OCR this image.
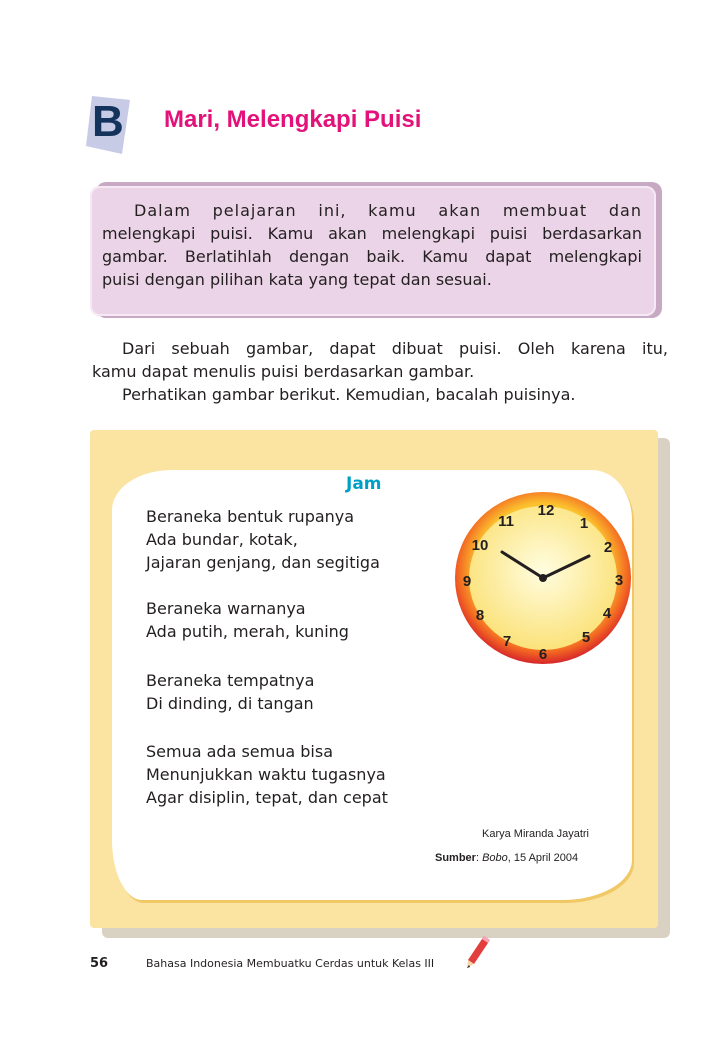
B Mari, Melengkapi Puisi
Dalam pelajaran ini, kamu akan membuat dan
melengkapi puisi. Kamu akan melengkapi puisi berdasarkan
gambar. Berlatihlah dengan baik. Kamu dapat melengkapi
puisi dengan pilihan kata yang tepat dan sesuai.
Dari sebuah gambar, dapat dibuat puisi. Oleh karena itu,
kamu dapat menulis puisi berdasarkan gambar.
Perhatikan gambar berikut. Kemudian, bacalah puisinya.
Jam
Beraneka bentuk rupanya
Ada bundar, kotak,
Jajaran genjang, dan segitiga
Beraneka warnanya
Ada putih, merah, kuning
Beraneka tempatnya
Di dinding, di tangan
Semua ada semua bisa
Menunjukkan waktu tugasnya
Agar disiplin, tepat, dan cepat
Karya Miranda Jayatri
Sumber: Bobo, 15 April 2004
12
1
2
3
4
5
6
7
8
9
10
11
56	Bahasa Indonesia Membuatku Cerdas untuk Kelas III
